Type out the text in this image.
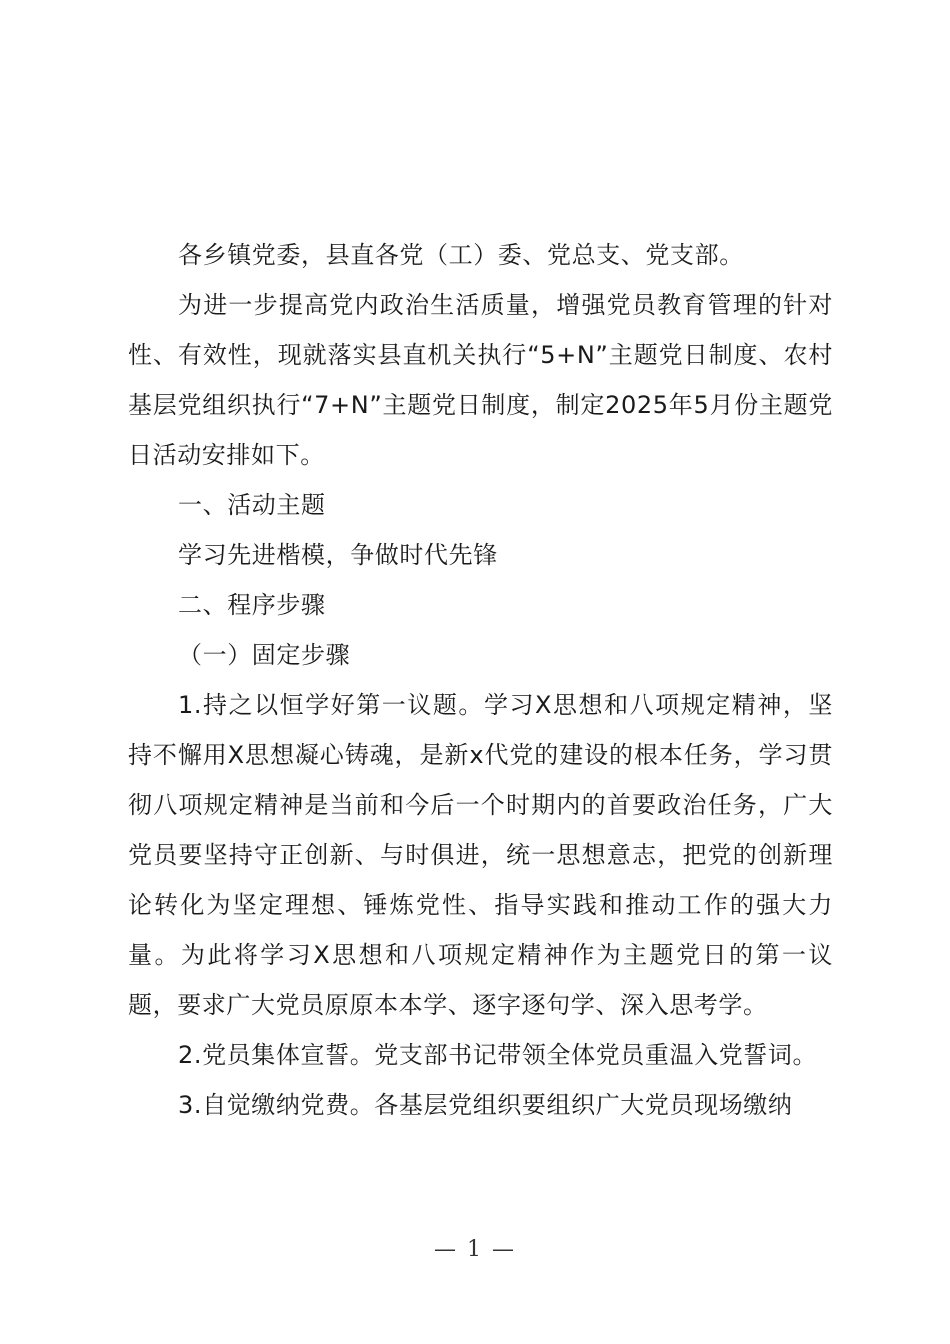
各乡镇党委，县直各党（工）委、党总支、党支部。

为进一步提高党内政治生活质量，增强党员教育管理的针对性、有效性，现就落实县直机关执行“5+N”主题党日制度、农村基层党组织执行“7+N”主题党日制度，制定2025年5月份主题党日活动安排如下。

一、活动主题

学习先进楷模，争做时代先锋

二、程序步骤

（一）固定步骤

1.持之以恒学好第一议题。学习X思想和八项规定精神，坚持不懈用X思想凝心铸魂，是新x代党的建设的根本任务，学习贯彻八项规定精神是当前和今后一个时期内的首要政治任务，广大党员要坚持守正创新、与时俱进，统一思想意志，把党的创新理论转化为坚定理想、锤炼党性、指导实践和推动工作的强大力量。为此将学习X思想和八项规定精神作为主题党日的第一议题，要求广大党员原原本本学、逐字逐句学、深入思考学。

2.党员集体宣誓。党支部书记带领全体党员重温入党誓词。

3.自觉缴纳党费。各基层党组织要组织广大党员现场缴纳

— 1 —
